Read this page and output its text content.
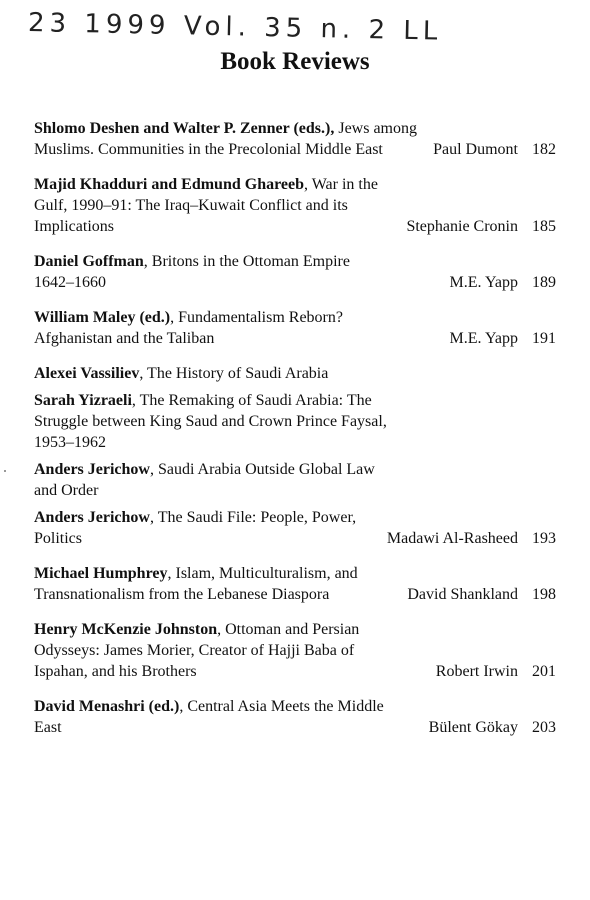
23 1999 Vol. 35 n. 2 LL
Book Reviews
Shlomo Deshen and Walter P. Zenner (eds.), Jews among Muslims. Communities in the Precolonial Middle East	Paul Dumont 182
Majid Khadduri and Edmund Ghareeb, War in the Gulf, 1990–91: The Iraq–Kuwait Conflict and its Implications	Stephanie Cronin 185
Daniel Goffman, Britons in the Ottoman Empire 1642–1660	M.E. Yapp 189
William Maley (ed.), Fundamentalism Reborn? Afghanistan and the Taliban	M.E. Yapp 191
Alexei Vassiliev, The History of Saudi Arabia
Sarah Yizraeli, The Remaking of Saudi Arabia: The Struggle between King Saud and Crown Prince Faysal, 1953–1962
Anders Jerichow, Saudi Arabia Outside Global Law and Order
Anders Jerichow, The Saudi File: People, Power, Politics	Madawi Al-Rasheed 193
Michael Humphrey, Islam, Multiculturalism, and Transnationalism from the Lebanese Diaspora	David Shankland 198
Henry McKenzie Johnston, Ottoman and Persian Odysseys: James Morier, Creator of Hajji Baba of Ispahan, and his Brothers	Robert Irwin 201
David Menashri (ed.), Central Asia Meets the Middle East	Bülent Gökay 203
